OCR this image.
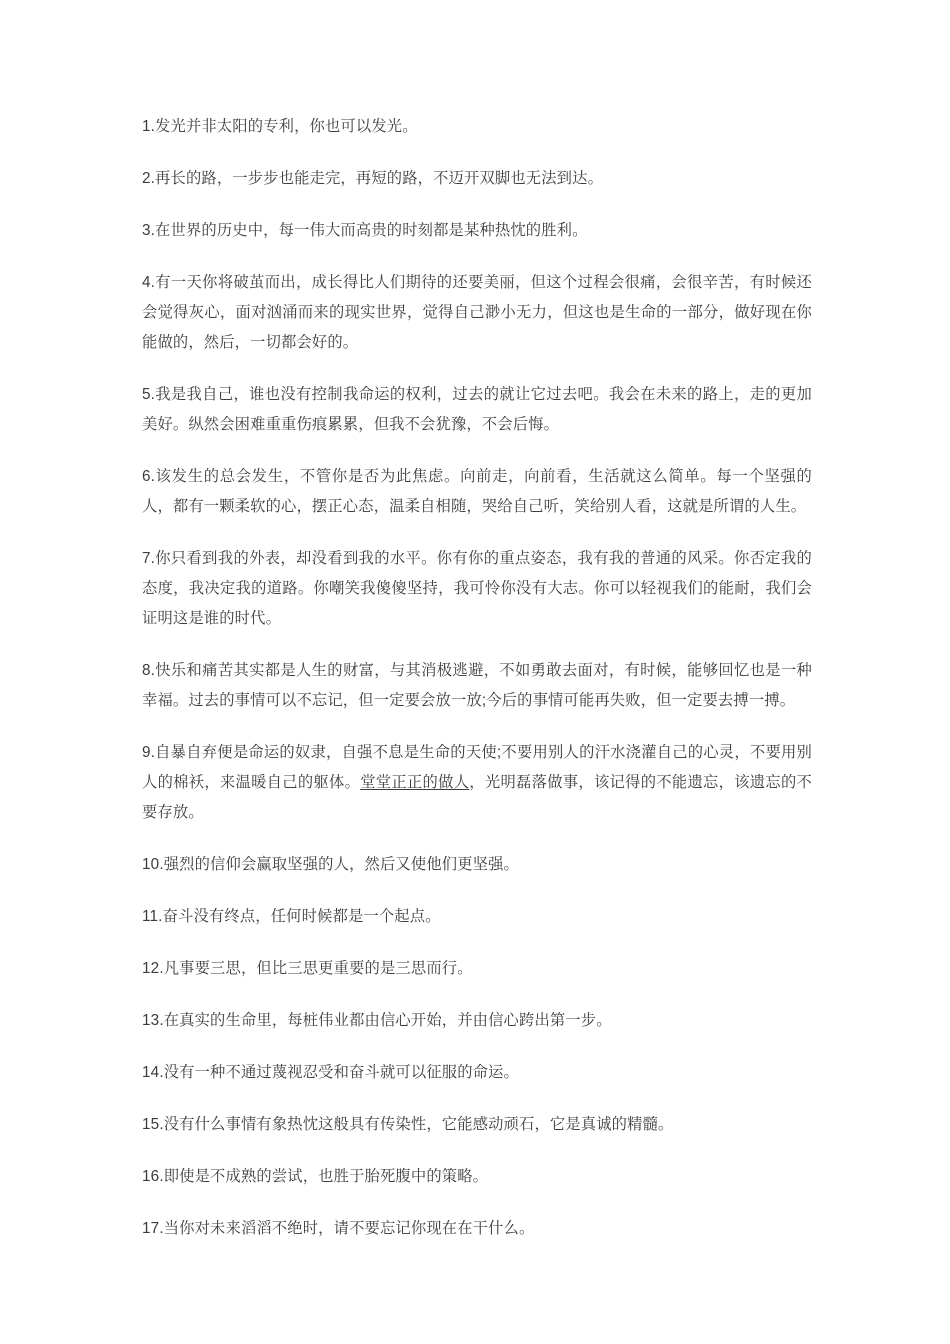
1.发光并非太阳的专利，你也可以发光。

2.再长的路，一步步也能走完，再短的路，不迈开双脚也无法到达。

3.在世界的历史中，每一伟大而高贵的时刻都是某种热忱的胜利。

4.有一天你将破茧而出，成长得比人们期待的还要美丽，但这个过程会很痛，会很辛苦，有时候还会觉得灰心，面对汹涌而来的现实世界，觉得自己渺小无力，但这也是生命的一部分，做好现在你能做的，然后，一切都会好的。

5.我是我自己，谁也没有控制我命运的权利，过去的就让它过去吧。我会在未来的路上，走的更加美好。纵然会困难重重伤痕累累，但我不会犹豫，不会后悔。

6.该发生的总会发生，不管你是否为此焦虑。向前走，向前看，生活就这么简单。每一个坚强的人，都有一颗柔软的心，摆正心态，温柔自相随，哭给自己听，笑给别人看，这就是所谓的人生。

7.你只看到我的外表，却没看到我的水平。你有你的重点姿态，我有我的普通的风采。你否定我的态度，我决定我的道路。你嘲笑我傻傻坚持，我可怜你没有大志。你可以轻视我们的能耐，我们会证明这是谁的时代。

8.快乐和痛苦其实都是人生的财富，与其消极逃避，不如勇敢去面对，有时候，能够回忆也是一种幸福。过去的事情可以不忘记，但一定要会放一放;今后的事情可能再失败，但一定要去搏一搏。

9.自暴自弃便是命运的奴隶，自强不息是生命的天使;不要用别人的汗水浇灌自己的心灵，不要用别人的棉袄，来温暖自己的躯体。堂堂正正的做人，光明磊落做事，该记得的不能遗忘，该遗忘的不要存放。

10.强烈的信仰会赢取坚强的人，然后又使他们更坚强。

11.奋斗没有终点，任何时候都是一个起点。

12.凡事要三思，但比三思更重要的是三思而行。

13.在真实的生命里，每桩伟业都由信心开始，并由信心跨出第一步。

14.没有一种不通过蔑视忍受和奋斗就可以征服的命运。

15.没有什么事情有象热忱这般具有传染性，它能感动顽石，它是真诚的精髓。

16.即使是不成熟的尝试，也胜于胎死腹中的策略。

17.当你对未来滔滔不绝时，请不要忘记你现在在干什么。
